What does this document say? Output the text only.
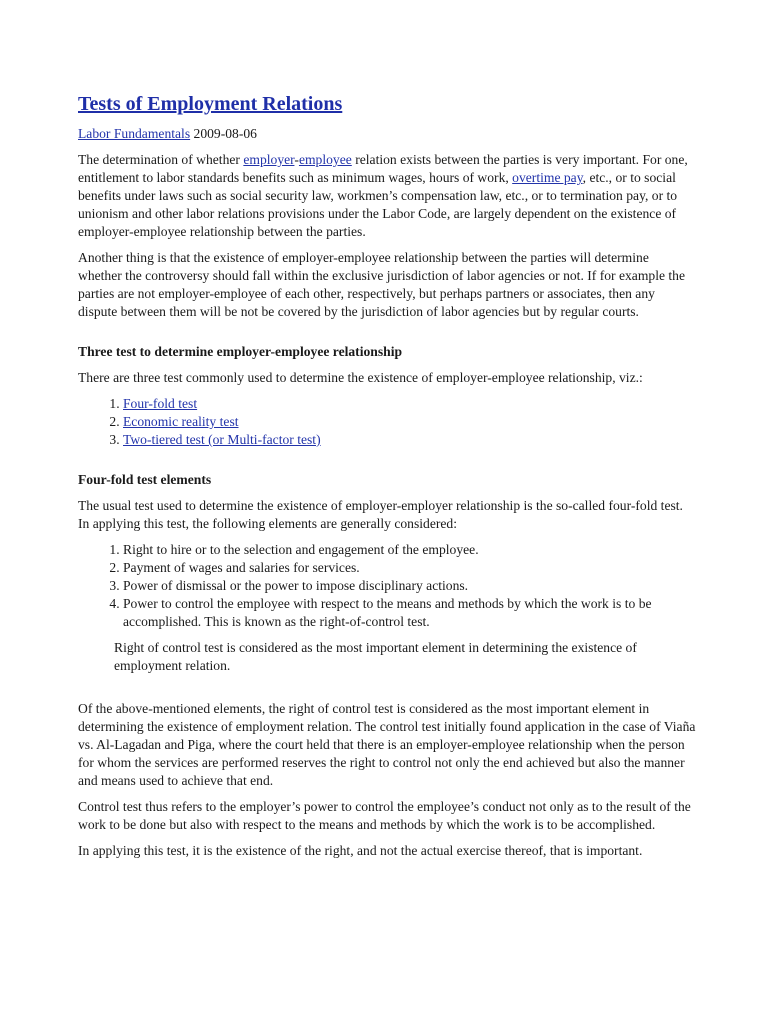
Tests of Employment Relations
Labor Fundamentals 2009-08-06

The determination of whether employer-employee relation exists between the parties is very important. For one, entitlement to labor standards benefits such as minimum wages, hours of work, overtime pay, etc., or to social benefits under laws such as social security law, workmen’s compensation law, etc., or to termination pay, or to unionism and other labor relations provisions under the Labor Code, are largely dependent on the existence of employer-employee relationship between the parties.

Another thing is that the existence of employer-employee relationship between the parties will determine whether the controversy should fall within the exclusive jurisdiction of labor agencies or not. If for example the parties are not employer-employee of each other, respectively, but perhaps partners or associates, then any dispute between them will be not be covered by the jurisdiction of labor agencies but by regular courts.

Three test to determine employer-employee relationship

There are three test commonly used to determine the existence of employer-employee relationship, viz.:

1. Four-fold test
2. Economic reality test
3. Two-tiered test (or Multi-factor test)
Four-fold test elements

The usual test used to determine the existence of employer-employer relationship is the so-called four-fold test. In applying this test, the following elements are generally considered:

1. Right to hire or to the selection and engagement of the employee.
2. Payment of wages and salaries for services.
3. Power of dismissal or the power to impose disciplinary actions.
4. Power to control the employee with respect to the means and methods by which the work is to be accomplished. This is known as the right-of-control test.

Right of control test is considered as the most important element in determining the existence of employment relation.

Of the above-mentioned elements, the right of control test is considered as the most important element in determining the existence of employment relation. The control test initially found application in the case of Viaña vs. Al-Lagadan and Piga, where the court held that there is an employer-employee relationship when the person for whom the services are performed reserves the right to control not only the end achieved but also the manner and means used to achieve that end.

Control test thus refers to the employer’s power to control the employee’s conduct not only as to the result of the work to be done but also with respect to the means and methods by which the work is to be accomplished.

In applying this test, it is the existence of the right, and not the actual exercise thereof, that is important.
